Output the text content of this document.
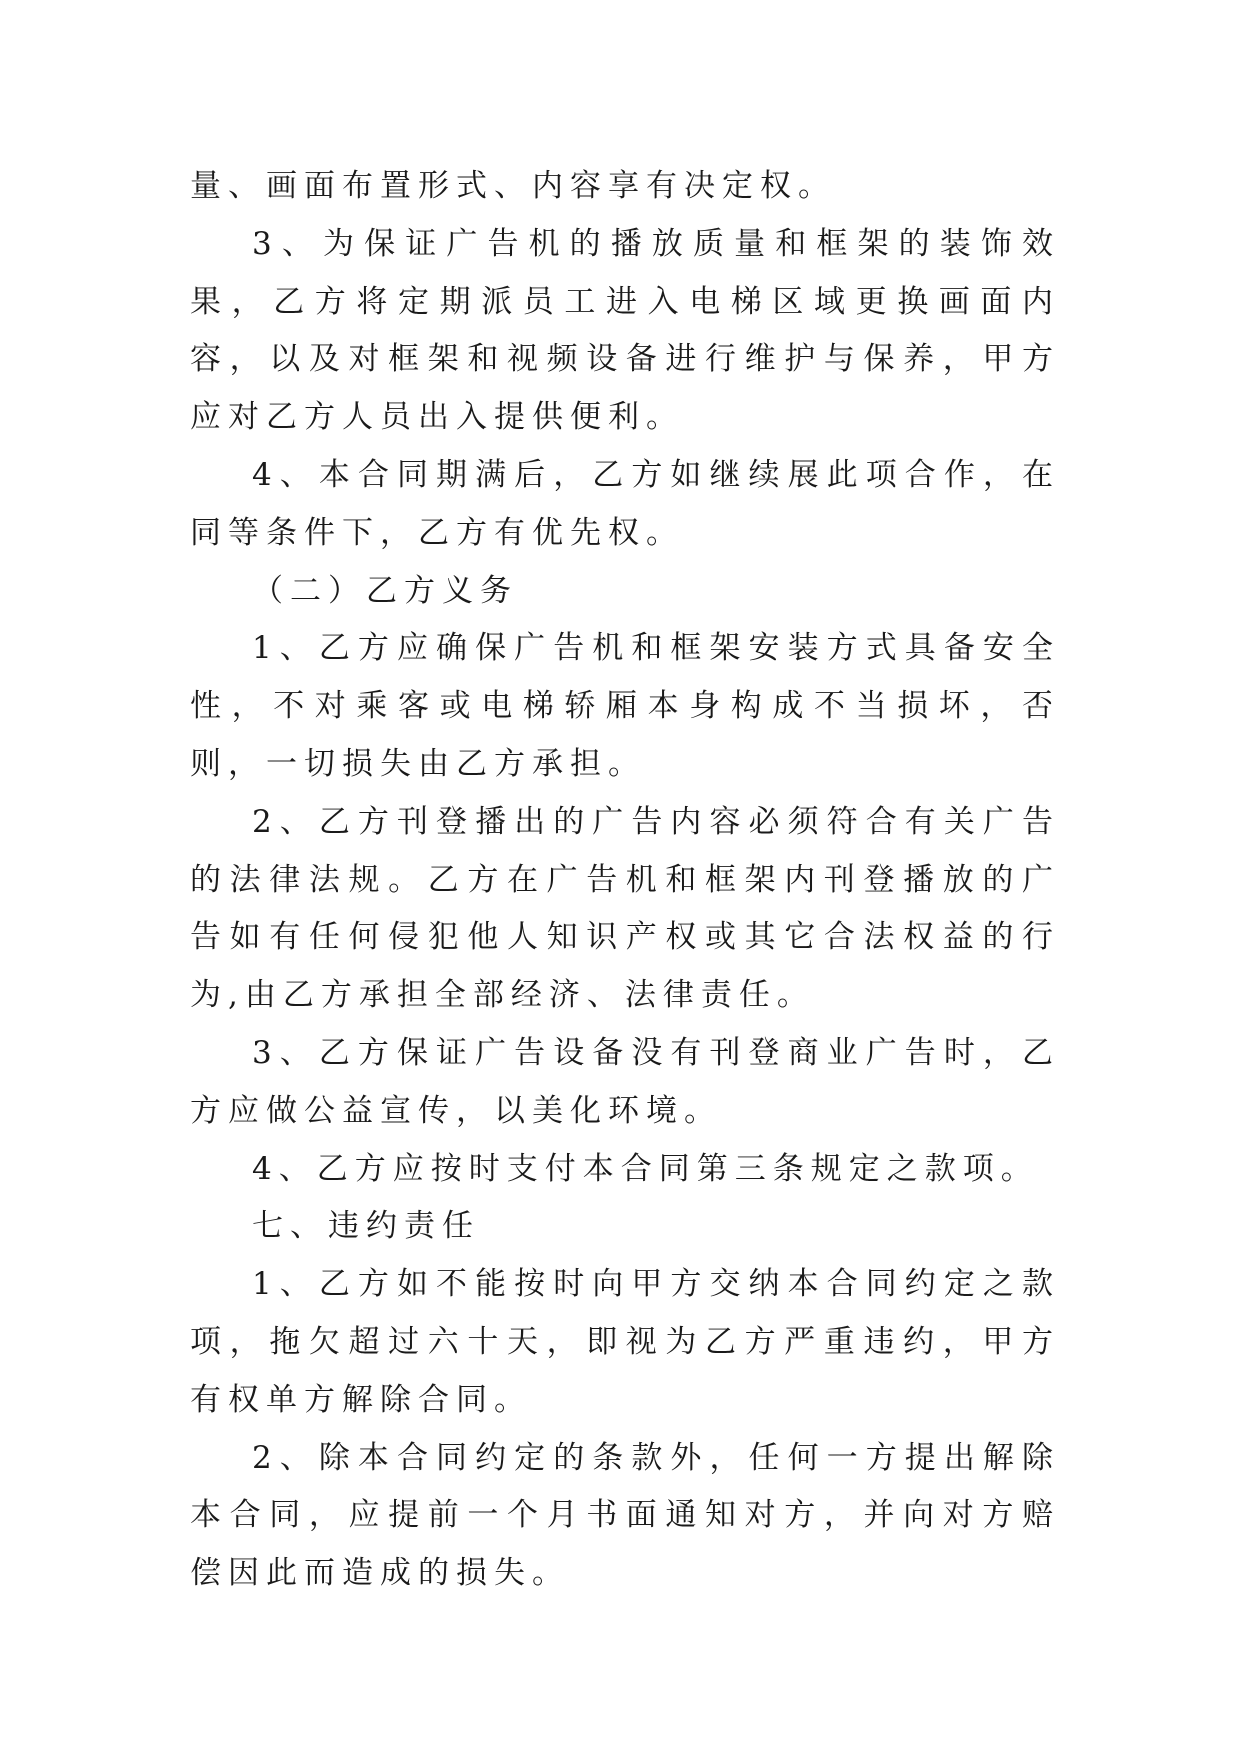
量、画面布置形式、内容享有决定权。

3、为保证广告机的播放质量和框架的装饰效果，乙方将定期派员工进入电梯区域更换画面内容，以及对框架和视频设备进行维护与保养，甲方应对乙方人员出入提供便利。

4、本合同期满后，乙方如继续展此项合作，在同等条件下，乙方有优先权。

（二）乙方义务

1、乙方应确保广告机和框架安装方式具备安全性，不对乘客或电梯轿厢本身构成不当损坏，否则，一切损失由乙方承担。

2、乙方刊登播出的广告内容必须符合有关广告的法律法规。乙方在广告机和框架内刊登播放的广告如有任何侵犯他人知识产权或其它合法权益的行为,由乙方承担全部经济、法律责任。

3、乙方保证广告设备没有刊登商业广告时，乙方应做公益宣传，以美化环境。

4、乙方应按时支付本合同第三条规定之款项。

七、违约责任

1、乙方如不能按时向甲方交纳本合同约定之款项，拖欠超过六十天，即视为乙方严重违约，甲方有权单方解除合同。

2、除本合同约定的条款外，任何一方提出解除本合同，应提前一个月书面通知对方，并向对方赔偿因此而造成的损失。
